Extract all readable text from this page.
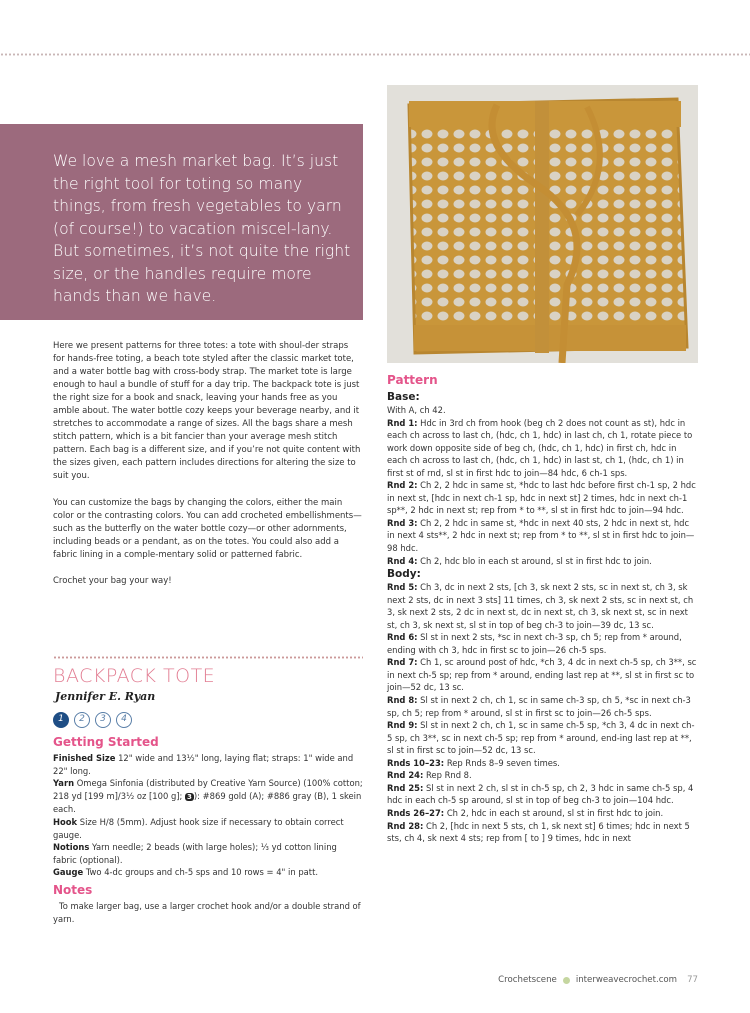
We love a mesh market bag. It’s just the right tool for toting so many things, from fresh vegetables to yarn (of course!) to vacation miscel-lany. But sometimes, it’s not quite the right size, or the handles require more hands than we have.

Here we present patterns for three totes: a tote with shoul-der straps for hands-free toting, a beach tote styled after the classic market tote, and a water bottle bag with cross-body strap. The market tote is large enough to haul a bundle of stuff for a day trip. The backpack tote is just the right size for a book and snack, leaving your hands free as you amble about. The water bottle cozy keeps your beverage nearby, and it stretches to accommodate a range of sizes. All the bags share a mesh stitch pattern, which is a bit fancier than your average mesh stitch pattern. Each bag is a different size, and if you’re not quite content with the sizes given, each pattern includes directions for altering the size to suit you.

You can customize the bags by changing the colors, either the main color or the contrasting colors. You can add crocheted embellishments—such as the butterfly on the water bottle cozy—or other adornments, including beads or a pendant, as on the totes. You could also add a fabric lining in a comple-mentary solid or patterned fabric.

Crochet your bag your way!

BACKPACK TOTE
Jennifer E. Ryan
1	2	3	4
Getting Started

Finished Size 12" wide and 13½" long, laying flat; straps: 1" wide and 22" long.

Yarn Omega Sinfonia (distributed by Creative Yarn Source) (100% cotton; 218 yd [199 m]/3½ oz [100 g]; 3 ): #869 gold (A); #886 gray (B), 1 skein each.

Hook Size H/8 (5mm). Adjust hook size if necessary to obtain correct gauge.

Notions Yarn needle; 2 beads (with large holes); ⅓ yd cotton lining fabric (optional).

Gauge Two 4-dc groups and ch-5 sps and 10 rows = 4" in patt.

Notes

To make larger bag, use a larger crochet hook and/or a double strand of yarn.

Pattern
Base:

With A, ch 42.

Rnd 1: Hdc in 3rd ch from hook (beg ch 2 does not count as st), hdc in each ch across to last ch, (hdc, ch 1, hdc) in last ch, ch 1, rotate piece to work down opposite side of beg ch, (hdc, ch 1, hdc) in first ch, hdc in each ch across to last ch, (hdc, ch 1, hdc) in last st, ch 1, (hdc, ch 1) in first st of rnd, sl st in first hdc to join—84 hdc, 6 ch-1 sps.

Rnd 2: Ch 2, 2 hdc in same st, *hdc to last hdc before first ch-1 sp, 2 hdc in next st, [hdc in next ch-1 sp, hdc in next st] 2 times, hdc in next ch-1 sp**, 2 hdc in next st; rep from * to **, sl st in first hdc to join—94 hdc.

Rnd 3: Ch 2, 2 hdc in same st, *hdc in next 40 sts, 2 hdc in next st, hdc in next 4 sts**, 2 hdc in next st; rep from * to **, sl st in first hdc to join—98 hdc.

Rnd 4: Ch 2, hdc blo in each st around, sl st in first hdc to join.

Body:

Rnd 5: Ch 3, dc in next 2 sts, [ch 3, sk next 2 sts, sc in next st, ch 3, sk next 2 sts, dc in next 3 sts] 11 times, ch 3, sk next 2 sts, sc in next st, ch 3, sk next 2 sts, 2 dc in next st, dc in next st, ch 3, sk next st, sc in next st, ch 3, sk next st, sl st in top of beg ch-3 to join—39 dc, 13 sc.

Rnd 6: Sl st in next 2 sts, *sc in next ch-3 sp, ch 5; rep from * around, ending with ch 3, hdc in first sc to join—26 ch-5 sps.

Rnd 7: Ch 1, sc around post of hdc, *ch 3, 4 dc in next ch-5 sp, ch 3**, sc in next ch-5 sp; rep from * around, ending last rep at **, sl st in first sc to join—52 dc, 13 sc.

Rnd 8: Sl st in next 2 ch, ch 1, sc in same ch-3 sp, ch 5, *sc in next ch-3 sp, ch 5; rep from * around, sl st in first sc to join—26 ch-5 sps.

Rnd 9: Sl st in next 2 ch, ch 1, sc in same ch-5 sp, *ch 3, 4 dc in next ch-5 sp, ch 3**, sc in next ch-5 sp; rep from * around, end-ing last rep at **, sl st in first sc to join—52 dc, 13 sc.

Rnds 10–23: Rep Rnds 8–9 seven times.

Rnd 24: Rep Rnd 8.

Rnd 25: Sl st in next 2 ch, sl st in ch-5 sp, ch 2, 3 hdc in same ch-5 sp, 4 hdc in each ch-5 sp around, sl st in top of beg ch-3 to join—104 hdc.

Rnds 26–27: Ch 2, hdc in each st around, sl st in first hdc to join.

Rnd 28: Ch 2, [hdc in next 5 sts, ch 1, sk next st] 6 times; hdc in next 5 sts, ch 4, sk next 4 sts; rep from [ to ] 9 times, hdc in next

Crochetscene interweavecrochet.com 77
